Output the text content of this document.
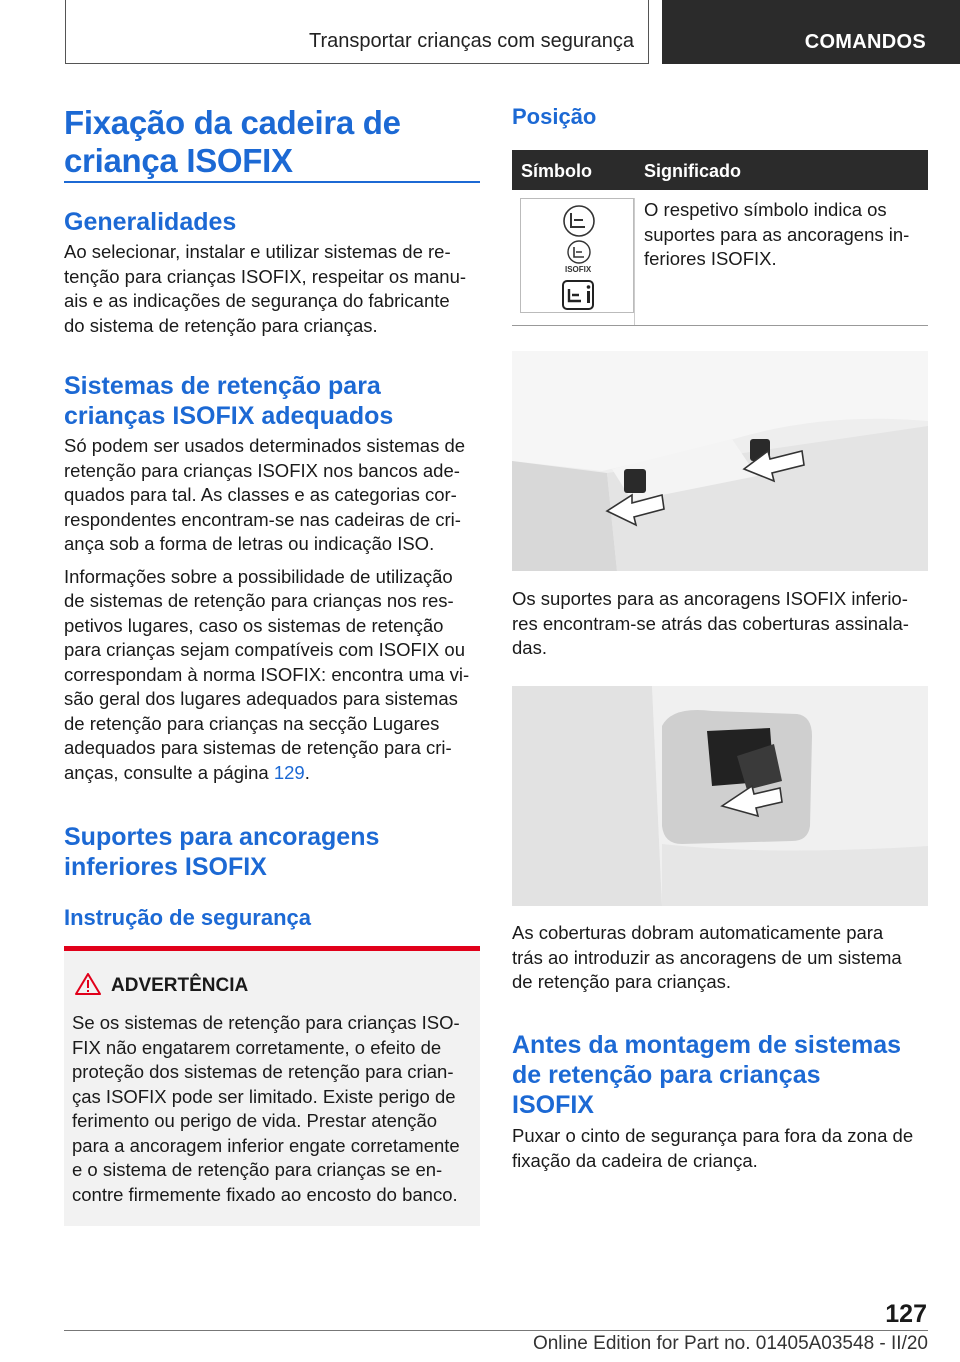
Transportar crianças com segurança	COMANDOS

Fixação da cadeira de

criança ISOFIX

Generalidades

Ao selecionar, instalar e utilizar sistemas de re-

tenção para crianças ISOFIX, respeitar os manu-

ais e as indicações de segurança do fabricante

do sistema de retenção para crianças.

Sistemas de retenção para

crianças ISOFIX adequados

Só podem ser usados determinados sistemas de

retenção para crianças ISOFIX nos bancos ade-

quados para tal. As classes e as categorias cor-

respondentes encontram-se nas cadeiras de cri-

ança sob a forma de letras ou indicação ISO.

Informações sobre a possibilidade de utilização

de sistemas de retenção para crianças nos res-

petivos lugares, caso os sistemas de retenção

para crianças sejam compatíveis com ISOFIX ou

correspondam à norma ISOFIX: encontra uma vi-

são geral dos lugares adequados para sistemas

de retenção para crianças na secção Lugares

adequados para sistemas de retenção para cri-

anças, consulte a página 129.

Suportes para ancoragens

inferiores ISOFIX

Instrução de segurança

ADVERTÊNCIA

Se os sistemas de retenção para crianças ISO-

FIX não engatarem corretamente, o efeito de

proteção dos sistemas de retenção para crian-

ças ISOFIX pode ser limitado. Existe perigo de

ferimento ou perigo de vida. Prestar atenção

para a ancoragem inferior engate corretamente

e o sistema de retenção para crianças se en-

contre firmemente fixado ao encosto do banco.

Posição

Símbolo	Significado
ISOFIX

O respetivo símbolo indica os

suportes para as ancoragens in-

feriores ISOFIX.

Os suportes para as ancoragens ISOFIX inferio-

res encontram-se atrás das coberturas assinala-

das.

As coberturas dobram automaticamente para

trás ao introduzir as ancoragens de um sistema

de retenção para crianças.

Antes da montagem de sistemas

de retenção para crianças

ISOFIX

Puxar o cinto de segurança para fora da zona de

fixação da cadeira de criança.

127
Online Edition for Part no. 01405A03548 - II/20
